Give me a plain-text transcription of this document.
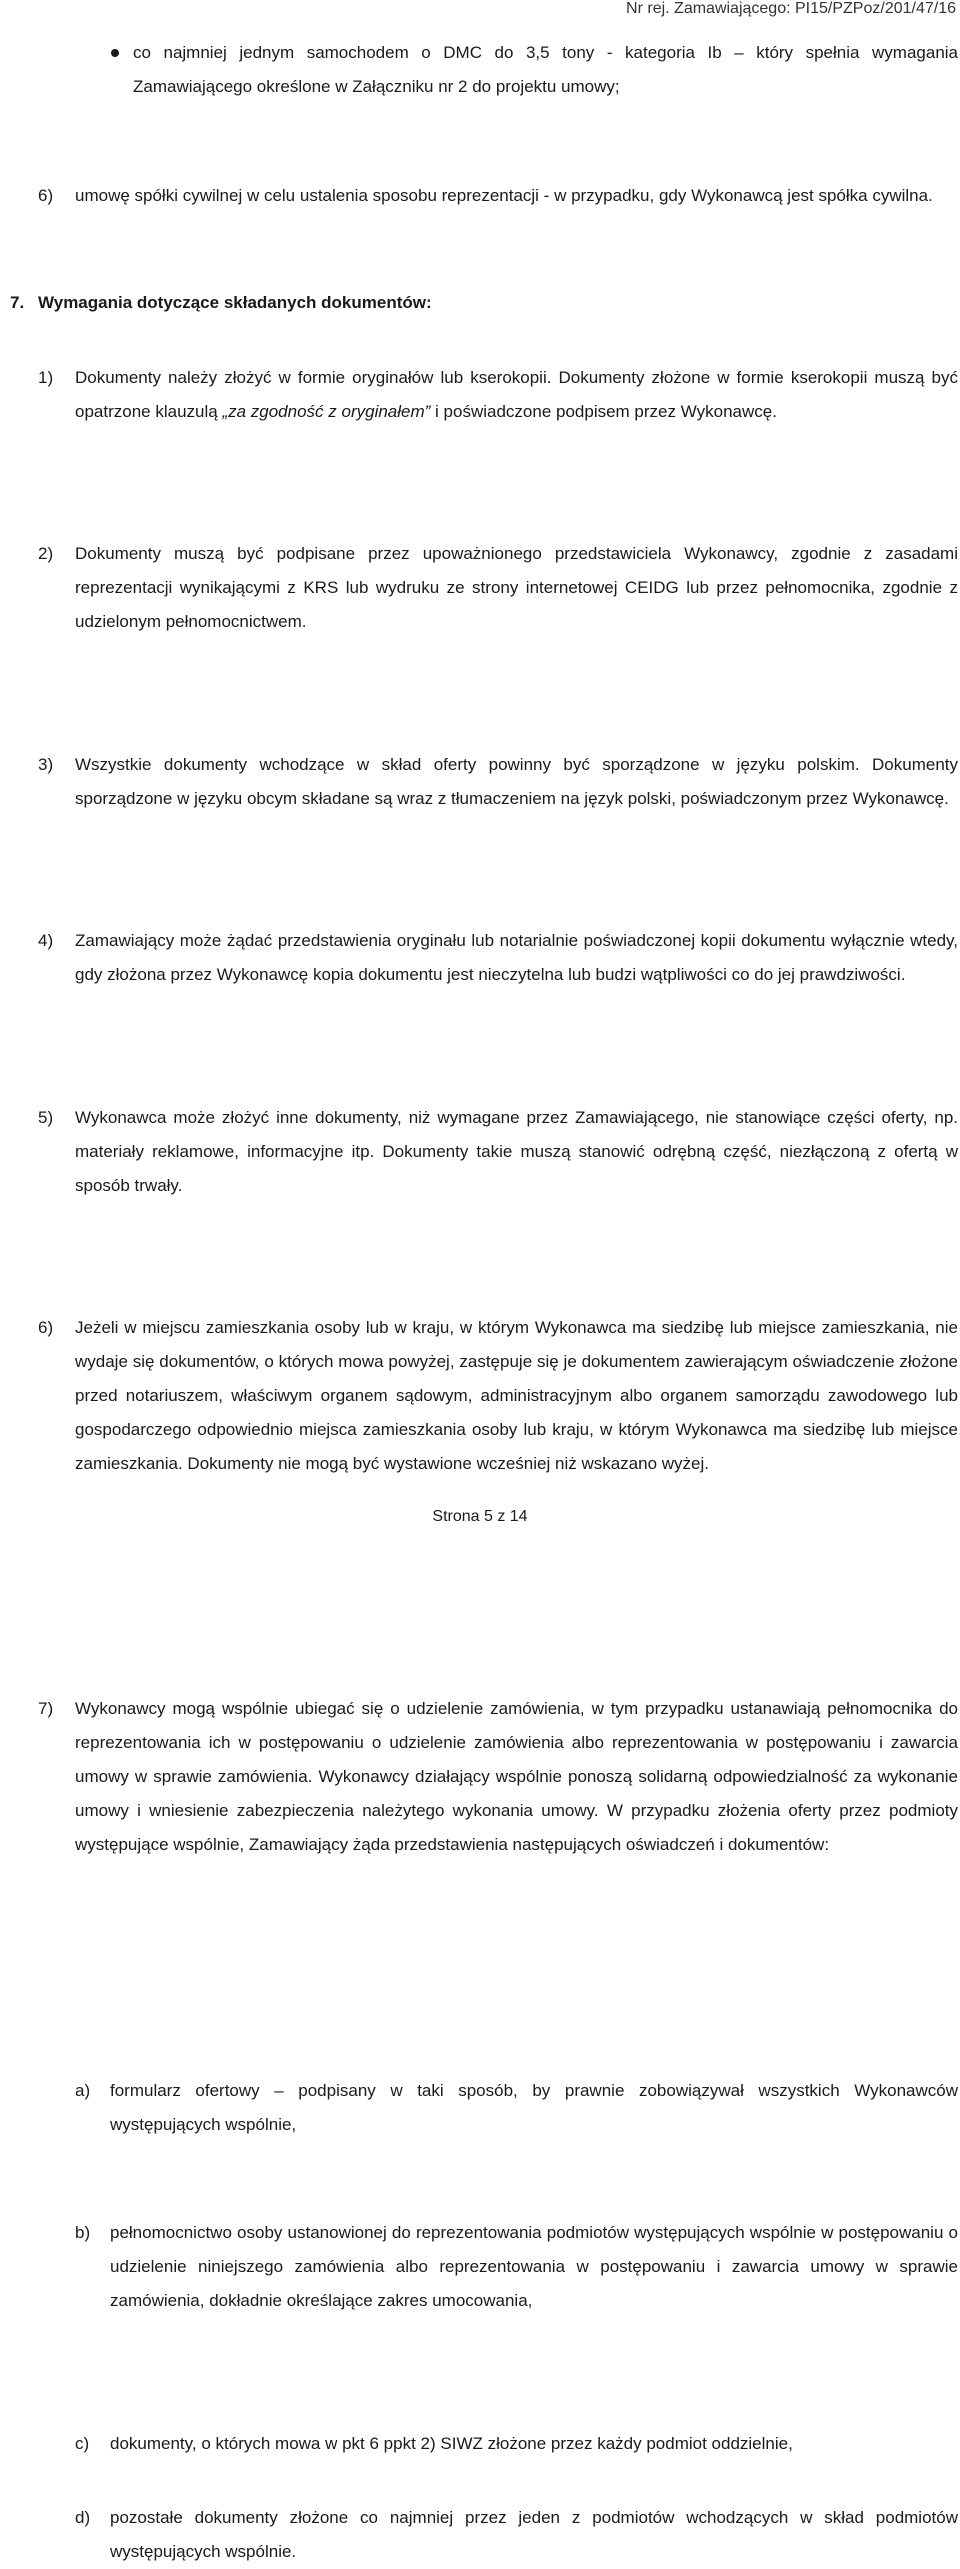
Nr rej. Zamawiającego: PI15/PZPoz/201/47/16
co najmniej jednym samochodem o DMC do 3,5 tony - kategoria Ib – który spełnia wymagania Zamawiającego określone w Załączniku nr 2 do projektu umowy;
6) umowę spółki cywilnej w celu ustalenia sposobu reprezentacji - w przypadku, gdy Wykonawcą jest spółka cywilna.
7. Wymagania dotyczące składanych dokumentów:
1) Dokumenty należy złożyć w formie oryginałów lub kserokopii. Dokumenty złożone w formie kserokopii muszą być opatrzone klauzulą „za zgodność z oryginałem” i poświadczone podpisem przez Wykonawcę.
2) Dokumenty muszą być podpisane przez upoważnionego przedstawiciela Wykonawcy, zgodnie z zasadami reprezentacji wynikającymi z KRS lub wydruku ze strony internetowej CEIDG lub przez pełnomocnika, zgodnie z udzielonym pełnomocnictwem.
3) Wszystkie dokumenty wchodzące w skład oferty powinny być sporządzone w języku polskim. Dokumenty sporządzone w języku obcym składane są wraz z tłumaczeniem na język polski, poświadczonym przez Wykonawcę.
4) Zamawiający może żądać przedstawienia oryginału lub notarialnie poświadczonej kopii dokumentu wyłącznie wtedy, gdy złożona przez Wykonawcę kopia dokumentu jest nieczytelna lub budzi wątpliwości co do jej prawdziwości.
5) Wykonawca może złożyć inne dokumenty, niż wymagane przez Zamawiającego, nie stanowiące części oferty, np. materiały reklamowe, informacyjne itp. Dokumenty takie muszą stanowić odrębną część, niezłączoną z ofertą w sposób trwały.
6) Jeżeli w miejscu zamieszkania osoby lub w kraju, w którym Wykonawca ma siedzibę lub miejsce zamieszkania, nie wydaje się dokumentów, o których mowa powyżej, zastępuje się je dokumentem zawierającym oświadczenie złożone przed notariuszem, właściwym organem sądowym, administracyjnym albo organem samorządu zawodowego lub gospodarczego odpowiednio miejsca zamieszkania osoby lub kraju, w którym Wykonawca ma siedzibę lub miejsce zamieszkania. Dokumenty nie mogą być wystawione wcześniej niż wskazano wyżej.
7) Wykonawcy mogą wspólnie ubiegać się o udzielenie zamówienia, w tym przypadku ustanawiają pełnomocnika do reprezentowania ich w postępowaniu o udzielenie zamówienia albo reprezentowania w postępowaniu i zawarcia umowy w sprawie zamówienia. Wykonawcy działający wspólnie ponoszą solidarną odpowiedzialność za wykonanie umowy i wniesienie zabezpieczenia należytego wykonania umowy. W przypadku złożenia oferty przez podmioty występujące wspólnie, Zamawiający żąda przedstawienia następujących oświadczeń i dokumentów:
a) formularz ofertowy – podpisany w taki sposób, by prawnie zobowiązywał wszystkich Wykonawców występujących wspólnie,
b) pełnomocnictwo osoby ustanowionej do reprezentowania podmiotów występujących wspólnie w postępowaniu o udzielenie niniejszego zamówienia albo reprezentowania w postępowaniu i zawarcia umowy w sprawie zamówienia, dokładnie określające zakres umocowania,
c) dokumenty, o których mowa w pkt 6 ppkt 2) SIWZ złożone przez każdy podmiot oddzielnie,
d) pozostałe dokumenty złożone co najmniej przez jeden z podmiotów wchodzących w skład podmiotów występujących wspólnie.
Strona 5 z 14
